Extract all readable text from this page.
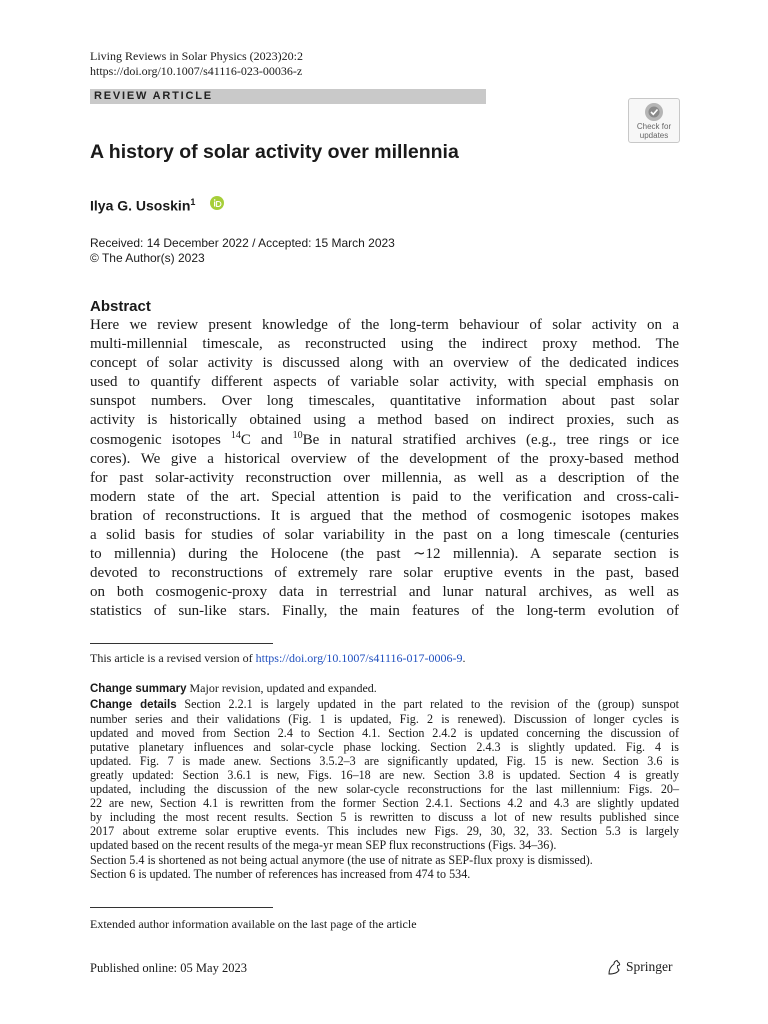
Living Reviews in Solar Physics (2023)20:2
https://doi.org/10.1007/s41116-023-00036-z
REVIEW ARTICLE
Check for
updates
A history of solar activity over millennia
Ilya G. Usoskin$^1$
Received: 14 December 2022 / Accepted: 15 March 2023
© The Author(s) 2023
Abstract
Here we review present knowledge of the long-term behaviour of solar activity on a
multi-millennial timescale, as reconstructed using the indirect proxy method. The
concept of solar activity is discussed along with an overview of the dedicated indices
used to quantify different aspects of variable solar activity, with special emphasis on
sunspot numbers. Over long timescales, quantitative information about past solar
activity is historically obtained using a method based on indirect proxies, such as
cosmogenic isotopes $^{14}$C and $^{10}$Be in natural stratified archives (e.g., tree rings or ice
cores). We give a historical overview of the development of the proxy-based method
for past solar-activity reconstruction over millennia, as well as a description of the
modern state of the art. Special attention is paid to the verification and cross-cali-
bration of reconstructions. It is argued that the method of cosmogenic isotopes makes
a solid basis for studies of solar variability in the past on a long timescale (centuries
to millennia) during the Holocene (the past ∼12 millennia). A separate section is
devoted to reconstructions of extremely rare solar eruptive events in the past, based
on both cosmogenic-proxy data in terrestrial and lunar natural archives, as well as
statistics of sun-like stars. Finally, the main features of the long-term evolution of
This article is a revised version of https://doi.org/10.1007/s41116-017-0006-9.
Change summary Major revision, updated and expanded.
Change details Section 2.2.1 is largely updated in the part related to the revision of the (group) sunspot
number series and their validations (Fig. 1 is updated, Fig. 2 is renewed). Discussion of longer cycles is
updated and moved from Section 2.4 to Section 4.1. Section 2.4.2 is updated concerning the discussion of
putative planetary influences and solar-cycle phase locking. Section 2.4.3 is slightly updated. Fig. 4 is
updated. Fig. 7 is made anew. Sections 3.5.2–3 are significantly updated, Fig. 15 is new. Section 3.6 is
greatly updated: Section 3.6.1 is new, Figs. 16–18 are new. Section 3.8 is updated. Section 4 is greatly
updated, including the discussion of the new solar-cycle reconstructions for the last millennium: Figs. 20–
22 are new, Section 4.1 is rewritten from the former Section 2.4.1. Sections 4.2 and 4.3 are slightly updated
by including the most recent results. Section 5 is rewritten to discuss a lot of new results published since
2017 about extreme solar eruptive events. This includes new Figs. 29, 30, 32, 33. Section 5.3 is largely
updated based on the recent results of the mega-yr mean SEP flux reconstructions (Figs. 34–36).
Section 5.4 is shortened as not being actual anymore (the use of nitrate as SEP-flux proxy is dismissed).
Section 6 is updated. The number of references has increased from 474 to 534.
Extended author information available on the last page of the article
Published online: 05 May 2023	Springer
